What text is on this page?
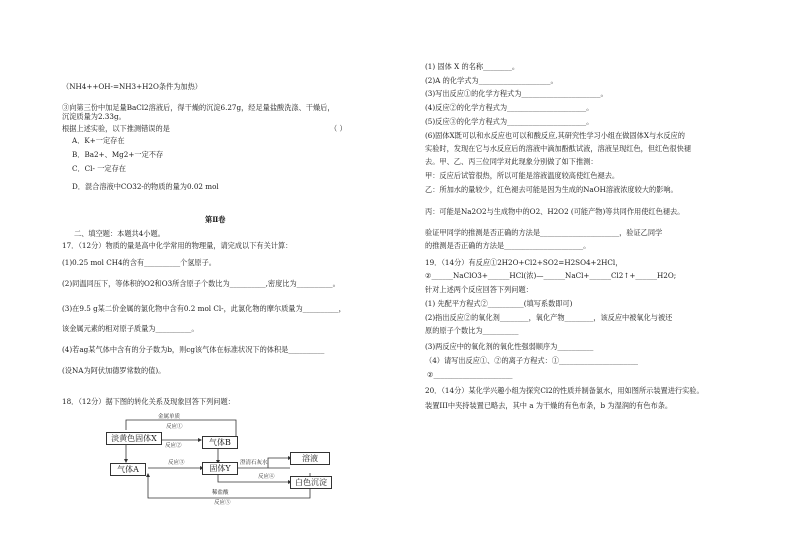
（NH4++OH-=NH3+H2O条件为加热）
③向第三份中加足量BaCl2溶液后，得干燥的沉淀6.27g，经足量盐酸洗涤、干燥后，
沉淀质量为2.33g。
根据上述实验，以下推测错误的是	（ ）
A．K+一定存在
B．Ba2+、Mg2+一定不存
C．Cl- 一定存在
D．混合溶液中CO32-的物质的量为0.02 mol
第Ⅱ卷
二、填空题：本题共4小题。
17．（12分）物质的量是高中化学常用的物理量，请完成以下有关计算：
(1)0.25 mol CH4的含有__________个氢原子。
(2)同温同压下，等体积的O2和O3所含原子个数比为__________,密度比为__________。
(3)在9.5 g某二价金属的氯化物中含有0.2 mol Cl-，此氯化物的摩尔质量为__________，
该金属元素的相对原子质量为__________。
(4)若ag某气体中含有的分子数为b，则cg该气体在标准状况下的体积是__________
(设NA为阿伏加德罗常数的值)。
18．（12分）据下图的转化关系及现象回答下列问题：
淡黄色固体X	气体B
气体A	固体Y
溶液
白色沉淀
金属单质
反应①
反应②
反应③	澄清石灰水
反应④
稀盐酸
反应⑤
(1) 固体 X 的名称________。
(2)A 的化学式为____________________。
(3)写出反应①的化学方程式为______________________。
(4)反应②的化学方程式为______________________。
(5)反应③的化学方程式为______________________。
(6)固体X既可以和水反应也可以和酸反应,其研究性学习小组在做固体X与水反应的
实验时，发现在它与水反应后的溶液中滴加酚酞试液，溶液呈现红色，但红色很快褪
去。甲、乙、丙三位同学对此现象分别做了如下推测：
甲：反应后试管很热，所以可能是溶液温度较高使红色褪去。
乙：所加水的量较少，红色褪去可能是因为生成的NaOH溶液浓度较大的影响。
丙：可能是Na2O2与生成物中的O2、H2O2 (可能产物)等共同作用使红色褪去。
验证甲同学的推测是否正确的方法是______________________，验证乙同学
的推测是否正确的方法是______________________。
19．（14分）有反应①2H2O+Cl2+SO2=H2SO4+2HCl，
②______NaClO3+______HCl(浓)—______NaCl+______Cl2↑+______H2O;
针对上述两个反应回答下列问题：
(1) 先配平方程式②__________(填写系数即可)
(2)指出反应②的氧化剂________，氧化产物________，该反应中被氧化与被还
原的原子个数比为__________
(3)两反应中的氧化剂的氧化性强弱顺序为__________
（4）请写出反应①、②的离子方程式：①______________________
②______________________
20．（14分）某化学兴趣小组为探究Cl2的性质并制备氯水，用如图所示装置进行实验。
装置III中夹持装置已略去，其中 a 为干燥的有色布条，b 为湿润的有色布条。
